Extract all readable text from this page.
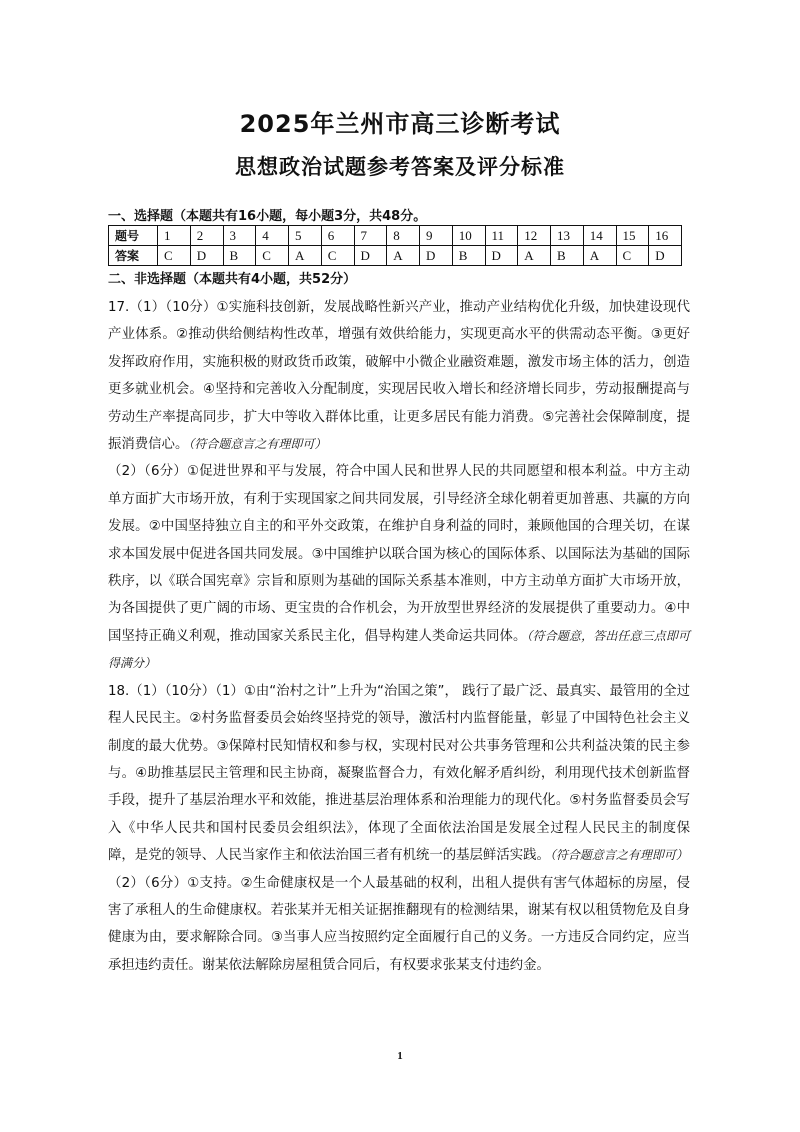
2025年兰州市高三诊断考试
思想政治试题参考答案及评分标准
一、选择题（本题共有16小题，每小题3分，共48分。
题号	1	2	3	4	5	6	7	8	9	10	11	12	13	14	15	16
答案	C	D	B	C	A	C	D	A	D	B	D	A	B	A	C	D
二、非选择题（本题共有4小题，共52分）

17.（1）（10分）①实施科技创新，发展战略性新兴产业，推动产业结构优化升级，加快建设现代产业体系。②推动供给侧结构性改革，增强有效供给能力，实现更高水平的供需动态平衡。③更好发挥政府作用，实施积极的财政货币政策，破解中小微企业融资难题，激发市场主体的活力，创造更多就业机会。④坚持和完善收入分配制度，实现居民收入增长和经济增长同步，劳动报酬提高与劳动生产率提高同步，扩大中等收入群体比重，让更多居民有能力消费。⑤完善社会保障制度，提振消费信心。（符合题意言之有理即可）

（2）（6分）①促进世界和平与发展，符合中国人民和世界人民的共同愿望和根本利益。中方主动单方面扩大市场开放，有利于实现国家之间共同发展，引导经济全球化朝着更加普惠、共赢的方向发展。②中国坚持独立自主的和平外交政策，在维护自身利益的同时，兼顾他国的合理关切，在谋求本国发展中促进各国共同发展。③中国维护以联合国为核心的国际体系、以国际法为基础的国际秩序，以《联合国宪章》宗旨和原则为基础的国际关系基本准则，中方主动单方面扩大市场开放，为各国提供了更广阔的市场、更宝贵的合作机会，为开放型世界经济的发展提供了重要动力。④中国坚持正确义利观，推动国家关系民主化，倡导构建人类命运共同体。（符合题意，答出任意三点即可得满分）

18.（1）（10分）（1）①由“治村之计”上升为“治国之策”， 践行了最广泛、最真实、最管用的全过程人民民主。②村务监督委员会始终坚持党的领导，激活村内监督能量，彰显了中国特色社会主义制度的最大优势。③保障村民知情权和参与权，实现村民对公共事务管理和公共利益决策的民主参与。④助推基层民主管理和民主协商，凝聚监督合力，有效化解矛盾纠纷，利用现代技术创新监督手段，提升了基层治理水平和效能，推进基层治理体系和治理能力的现代化。⑤村务监督委员会写入《中华人民共和国村民委员会组织法》，体现了全面依法治国是发展全过程人民民主的制度保障，是党的领导、人民当家作主和依法治国三者有机统一的基层鲜活实践。（符合题意言之有理即可）

（2）（6分）①支持。②生命健康权是一个人最基础的权利，出租人提供有害气体超标的房屋，侵害了承租人的生命健康权。若张某并无相关证据推翻现有的检测结果，谢某有权以租赁物危及自身健康为由，要求解除合同。③当事人应当按照约定全面履行自己的义务。一方违反合同约定，应当承担违约责任。谢某依法解除房屋租赁合同后，有权要求张某支付违约金。

1
